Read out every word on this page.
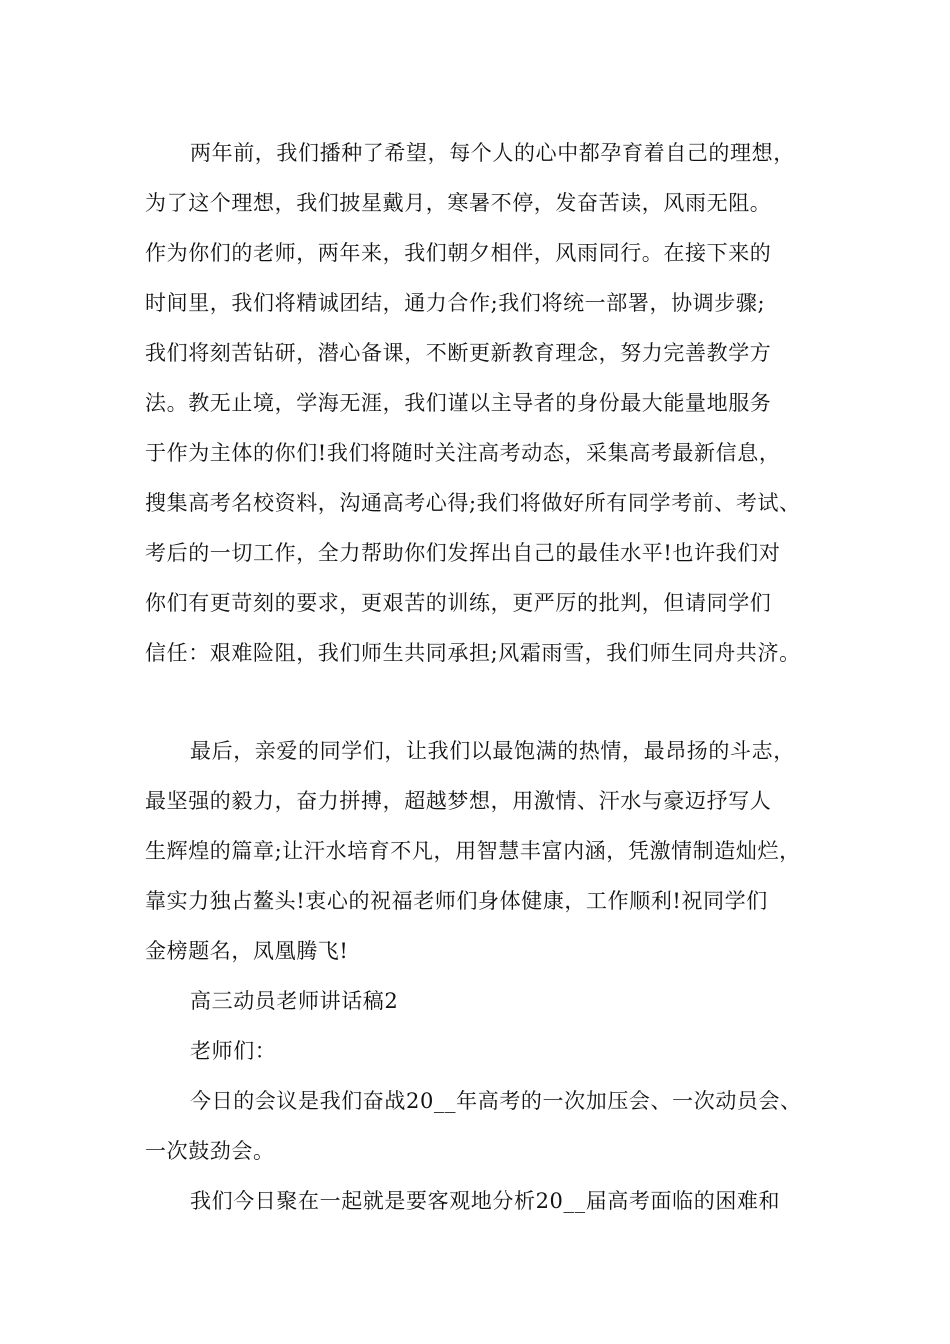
两年前，我们播种了希望，每个人的心中都孕育着自己的理想，
为了这个理想，我们披星戴月，寒暑不停，发奋苦读，风雨无阻。
作为你们的老师，两年来，我们朝夕相伴，风雨同行。在接下来的
时间里，我们将精诚团结，通力合作;我们将统一部署，协调步骤;
我们将刻苦钻研，潜心备课，不断更新教育理念，努力完善教学方
法。教无止境，学海无涯，我们谨以主导者的身份最大能量地服务
于作为主体的你们!我们将随时关注高考动态，采集高考最新信息，
搜集高考名校资料，沟通高考心得;我们将做好所有同学考前、考试、
考后的一切工作，全力帮助你们发挥出自己的最佳水平!也许我们对
你们有更苛刻的要求，更艰苦的训练，更严厉的批判，但请同学们
信任：艰难险阻，我们师生共同承担;风霜雨雪，我们师生同舟共济。
最后，亲爱的同学们，让我们以最饱满的热情，最昂扬的斗志，
最坚强的毅力，奋力拼搏，超越梦想，用激情、汗水与豪迈抒写人
生辉煌的篇章;让汗水培育不凡，用智慧丰富内涵，凭激情制造灿烂，
靠实力独占鳌头!衷心的祝福老师们身体健康，工作顺利!祝同学们
金榜题名，凤凰腾飞!
高三动员老师讲话稿2
老师们：
今日的会议是我们奋战20__年高考的一次加压会、一次动员会、
一次鼓劲会。
我们今日聚在一起就是要客观地分析20__届高考面临的困难和
